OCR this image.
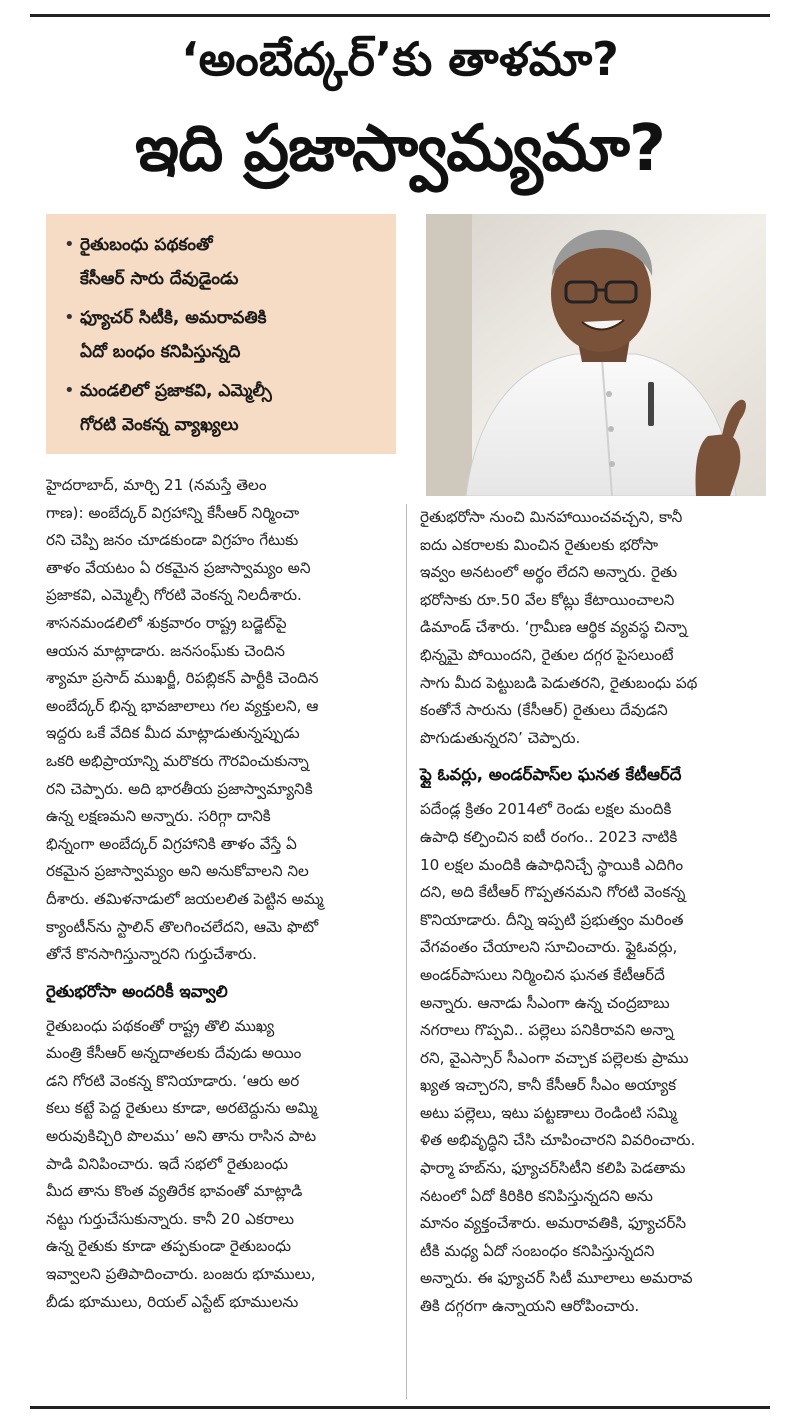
‘అంబేద్కర్’కు తాళమా?
ఇది ప్రజాస్వామ్యమా?
• రైతుబంధు పథకంతో
కేసీఆర్ సారు దేవుడైండు
• ఫ్యూచర్ సిటీకి, అమరావతికి
ఏదో బంధం కనిపిస్తున్నది
• మండలిలో ప్రజాకవి, ఎమ్మెల్సీ
గోరటి వెంకన్న వ్యాఖ్యలు
హైదరాబాద్, మార్చి 21 (నమస్తే తెలం
గాణ): అంబేద్కర్ విగ్రహాన్ని కేసీఆర్ నిర్మించా
రని చెప్పి జనం చూడకుండా విగ్రహం గేటుకు
తాళం వేయటం ఏ రకమైన ప్రజాస్వామ్యం అని
ప్రజాకవి, ఎమ్మెల్సీ గోరటి వెంకన్న నిలదీశారు.
శాసనమండలిలో శుక్రవారం రాష్ట్ర బడ్జెట్‌పై
ఆయన మాట్లాడారు. జనసంఘ్‌కు చెందిన
శ్యామా ప్రసాద్ ముఖర్జీ, రిపబ్లికన్ పార్టీకి చెందిన
అంబేద్కర్ భిన్న భావజాలాలు గల వ్యక్తులని, ఆ
ఇద్దరు ఒకే వేదిక మీద మాట్లాడుతున్నప్పుడు
ఒకరి అభిప్రాయాన్ని మరొకరు గౌరవించుకున్నా
రని చెప్పారు. అది భారతీయ ప్రజాస్వామ్యానికి
ఉన్న లక్షణమని అన్నారు. సరిగ్గా దానికి
భిన్నంగా అంబేద్కర్ విగ్రహానికి తాళం వేస్తే ఏ
రకమైన ప్రజాస్వామ్యం అని అనుకోవాలని నిల
దీశారు. తమిళనాడులో జయలలిత పెట్టిన అమ్మ
క్యాంటీన్‌ను స్టాలిన్ తొలగించలేదని, ఆమె ఫొటో
తోనే కొనసాగిస్తున్నారని గుర్తుచేశారు.
రైతుభరోసా అందరికీ ఇవ్వాలి
రైతుబంధు పథకంతో రాష్ట్ర తొలి ముఖ్య
మంత్రి కేసీఆర్ అన్నదాతలకు దేవుడు అయిం
డని గోరటి వెంకన్న కొనియాడారు. ‘ఆరు అర
కలు కట్టే పెద్ద రైతులు కూడా, అరటెద్దును అమ్మి
అరువుకిచ్చిరి పొలము’ అని తాను రాసిన పాట
పాడి వినిపించారు. ఇదే సభలో రైతుబంధు
మీద తాను కొంత వ్యతిరేక భావంతో మాట్లాడి
నట్టు గుర్తుచేసుకున్నారు. కానీ 20 ఎకరాలు
ఉన్న రైతుకు కూడా తప్పకుండా రైతుబంధు
ఇవ్వాలని ప్రతిపాదించారు. బంజరు భూములు,
బీడు భూములు, రియల్ ఎస్టేట్ భూములను
రైతుభరోసా నుంచి మినహాయించవచ్చని, కానీ
ఐదు ఎకరాలకు మించిన రైతులకు భరోసా
ఇవ్వం అనటంలో అర్థం లేదని అన్నారు. రైతు
భరోసాకు రూ.50 వేల కోట్లు కేటాయించాలని
డిమాండ్ చేశారు. ‘గ్రామీణ ఆర్థిక వ్యవస్థ చిన్నా
భిన్నమై పోయిందని, రైతుల దగ్గర పైసలుంటే
సాగు మీద పెట్టుబడి పెడుతరని, రైతుబంధు పథ
కంతోనే సారును (కేసీఆర్) రైతులు దేవుడని
పొగుడుతున్నరని’ చెప్పారు.
ఫ్లై ఓవర్లు, అండర్‌పాస్‌ల ఘనత కేటీఆర్‌దే
పదేండ్ల క్రితం 2014లో రెండు లక్షల మందికి
ఉపాధి కల్పించిన ఐటీ రంగం.. 2023 నాటికి
10 లక్షల మందికి ఉపాధినిచ్చే స్థాయికి ఎదిగిం
దని, అది కేటీఆర్ గొప్పతనమని గోరటి వెంకన్న
కొనియాడారు. దీన్ని ఇప్పటి ప్రభుత్వం మరింత
వేగవంతం చేయాలని సూచించారు. ఫ్లైఓవర్లు,
అండర్‌పాసులు నిర్మించిన ఘనత కేటీఆర్‌దే
అన్నారు. ఆనాడు సీఎంగా ఉన్న చంద్రబాబు
నగరాలు గొప్పవి.. పల్లెలు పనికిరావని అన్నా
రని, వైఎస్సార్ సీఎంగా వచ్చాక పల్లెలకు ప్రాము
ఖ్యత ఇచ్చారని, కానీ కేసీఆర్ సీఎం అయ్యాక
అటు పల్లెలు, ఇటు పట్టణాలు రెండింటి సమ్మి
ళిత అభివృద్ధిని చేసి చూపించారని వివరించారు.
ఫార్మా హబ్‌ను, ఫ్యూచర్‌సిటీని కలిపి పెడతామ
నటంలో ఏదో కిరికిరి కనిపిస్తున్నదని అను
మానం వ్యక్తంచేశారు. అమరావతికి, ఫ్యూచర్‌సి
టీకి మధ్య ఏదో సంబంధం కనిపిస్తున్నదని
అన్నారు. ఈ ఫ్యూచర్ సిటీ మూలాలు అమరావ
తికి దగ్గరగా ఉన్నాయని ఆరోపించారు.
